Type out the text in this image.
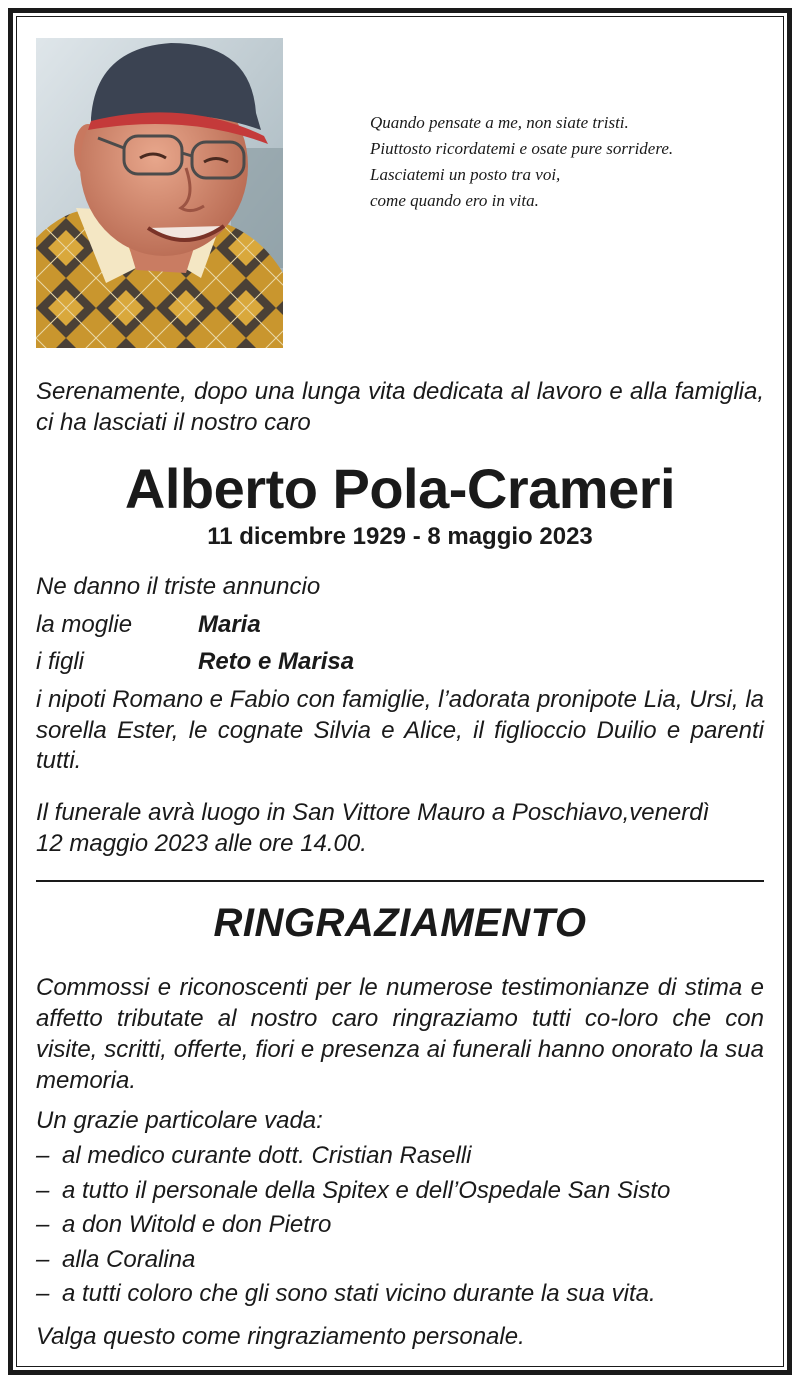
Quando pensate a me, non siate tristi.
Piuttosto ricordatemi e osate pure sorridere.
Lasciatemi un posto tra voi,
come quando ero in vita.
Serenamente, dopo una lunga vita dedicata al lavoro e alla famiglia, ci ha lasciati il nostro caro
Alberto Pola-Crameri
11 dicembre 1929 - 8 maggio 2023
Ne danno il triste annuncio
la moglie	Maria
i figli	Reto e Marisa
i nipoti Romano e Fabio con famiglie, l’adorata pronipote Lia, Ursi, la sorella Ester, le cognate Silvia e Alice, il figlioccio Duilio e parenti tutti.
Il funerale avrà luogo in San Vittore Mauro a Poschiavo,venerdì
12 maggio 2023 alle ore 14.00.
RINGRAZIAMENTO
Commossi e riconoscenti per le numerose testimonianze di stima e affetto tributate al nostro caro ringraziamo tutti co-loro che con visite, scritti, offerte, fiori e presenza ai funerali hanno onorato la sua memoria.
Un grazie particolare vada:
– al medico curante dott. Cristian Raselli
– a tutto il personale della Spitex e dell’Ospedale San Sisto
– a don Witold e don Pietro
– alla Coralina
– a tutti coloro che gli sono stati vicino durante la sua vita.
Valga questo come ringraziamento personale.
